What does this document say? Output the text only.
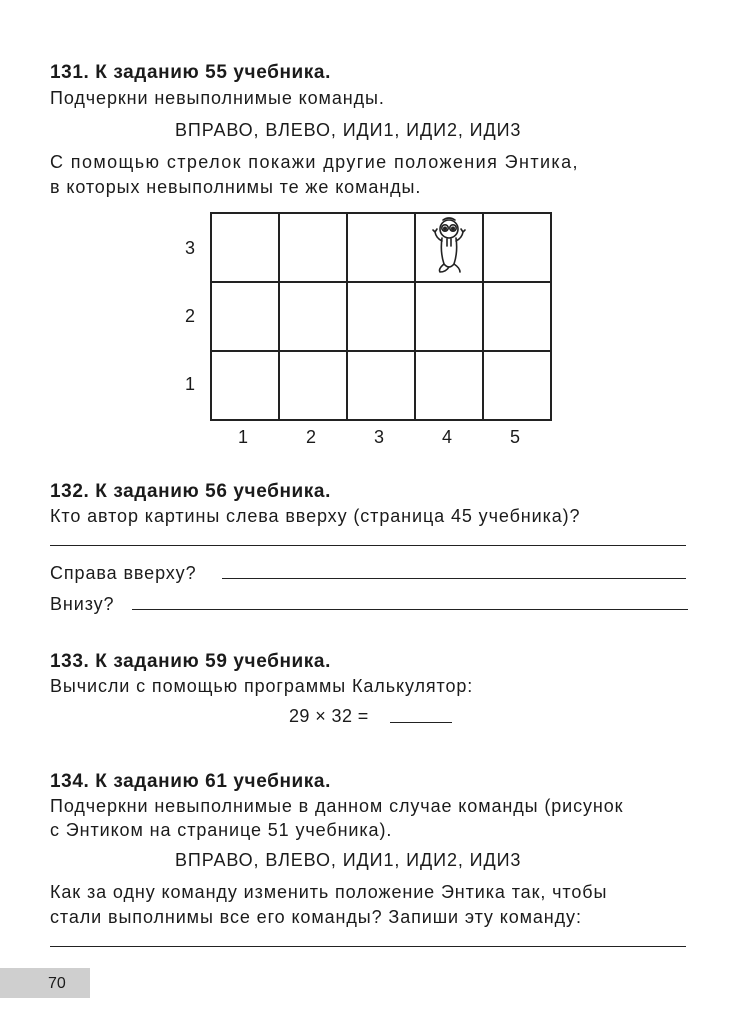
131. К заданию 55 учебника.
Подчеркни невыполнимые команды.
ВПРАВО, ВЛЕВО, ИДИ1, ИДИ2, ИДИ3
С помощью стрелок покажи другие положения Энтика,
в которых невыполнимы те же команды.

3
2
1
1	2	3	4	5
132. К заданию 56 учебника.
Кто автор картины слева вверху (страница 45 учебника)?
Справа вверху?
Внизу?
133. К заданию 59 учебника.
Вычисли с помощью программы Калькулятор:
29 × 32 =
134. К заданию 61 учебника.
Подчеркни невыполнимые в данном случае команды (рисунок
с Энтиком на странице 51 учебника).
ВПРАВО, ВЛЕВО, ИДИ1, ИДИ2, ИДИ3
Как за одну команду изменить положение Энтика так, чтобы
стали выполнимы все его команды? Запиши эту команду:
70
